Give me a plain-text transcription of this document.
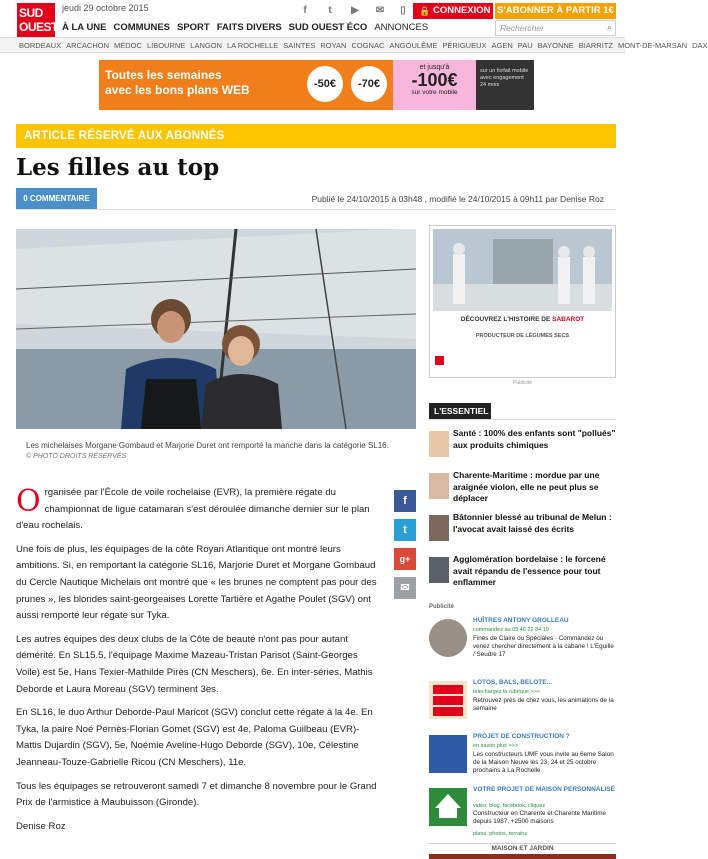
SUD
OUEST
jeudi 29 octobre 2015	f	t	▶	✉	▯	🔒 CONNEXION S'ABONNER À PARTIR 1€
À LA UNE COMMUNES SPORT FAITS DIVERS SUD OUEST ÉCO ANNONCES	Rechercher	⌕
BORDEAUX ARCACHON MÉDOC LIBOURNE LANGON LA ROCHELLE SAINTES ROYAN COGNAC ANGOULÊME PÉRIGUEUX AGEN PAU BAYONNE BIARRITZ MONT-DE-MARSAN DAX
Toutes les semaines
avec les bons plans WEB	-50€	-70€
et jusqu'à
-100€
sur votre mobile
sur un forfait mobile avec engagement 24 mois
ARTICLE RÉSERVÉ AUX ABONNÉS
Les filles au top
0 COMMENTAIRE	Publié le 24/10/2015 à 03h48 , modifié le 24/10/2015 à 09h11 par Denise Roz
Les michelaises Morgane Gombaud et Marjorie Duret ont remporté la manche dans la catégorie SL16.
© PHOTO DROITS RÉSERVÉS
f
t
g+
✉

Organisée par l'École de voile rochelaise (EVR), la première régate du championnat de ligue catamaran s'est déroulée dimanche dernier sur le plan d'eau rochelais.

Une fois de plus, les équipages de la côte Royan Atlantique ont montré leurs ambitions. Si, en remportant la catégorie SL16, Marjorie Duret et Morgane Gombaud du Cercle Nautique Michelais ont montré que « les brunes ne comptent pas pour des prunes », les blondes saint-georgeaises Lorette Tartière et Agathe Poulet (SGV) ont aussi remporté leur régate sur Tyka.

Les autres équipes des deux clubs de la Côte de beauté n'ont pas pour autant démérité. En SL15.5, l'équipage Maxime Mazeau-Tristan Parisot (Saint-Georges Voile) est 5e, Hans Texier-Mathilde Pirès (CN Meschers), 6e. En inter-séries, Mathis Deborde et Laura Moreau (SGV) terminent 3es.

En SL16, le duo Arthur Deborde-Paul Maricot (SGV) conclut cette régate à la 4e. En Tyka, la paire Noé Pernès-Florian Gomet (SGV) est 4e, Paloma Guilbeau (EVR)-Mattis Dujardin (SGV), 5e, Noémie Aveline-Hugo Deborde (SGV), 10e, Célestine Jeanneau-Touze-Gabrielle Ricou (CN Meschers), 11e.

Tous les équipages se retrouveront samedi 7 et dimanche 8 novembre pour le Grand Prix de l'armistice à Maubuisson (Gironde).

Denise Roz

DÉCOUVREZ L'HISTOIRE DE SABAROT
PRODUCTEUR DE LÉGUMES SECS
Publicité
L'ESSENTIEL
Santé : 100% des enfants sont "pollués" aux produits chimiques
Charente-Maritime : mordue par une araignée violon, elle ne peut plus se déplacer
Bâtonnier blessé au tribunal de Melun : l'avocat avait laissé des écrits
Agglomération bordelaise : le forcené avait répandu de l'essence pour tout enflammer
Publicité
HUÎTRES ANTONY GROLLEAU
commandez au 05 46 22 84 19
Fines de Claire ou Spéciales · Commandez ou venez chercher directement à la cabane ! L'Eguille / Seudre 17
LOTOS, BALS, BELOTE...
telechargez la rubrique >>>
Retrouvez près de chez vous, les animations de la semaine
PROJET DE CONSTRUCTION ?
en savoir plus >>>
Les constructeurs UMF vous invite au 6eme Salon de la Maison Neuve les 23, 24 et 25 octobre prochains à La Rochelle
VOTRE PROJET DE MAISON PERSONNALISÉ
vidéo, blog, facebook, cliquez
Constructeur en Charente et Charente Maritime depuis 1987, +2500 maisons
plans, photos, terrains
MAISON ET JARDIN
